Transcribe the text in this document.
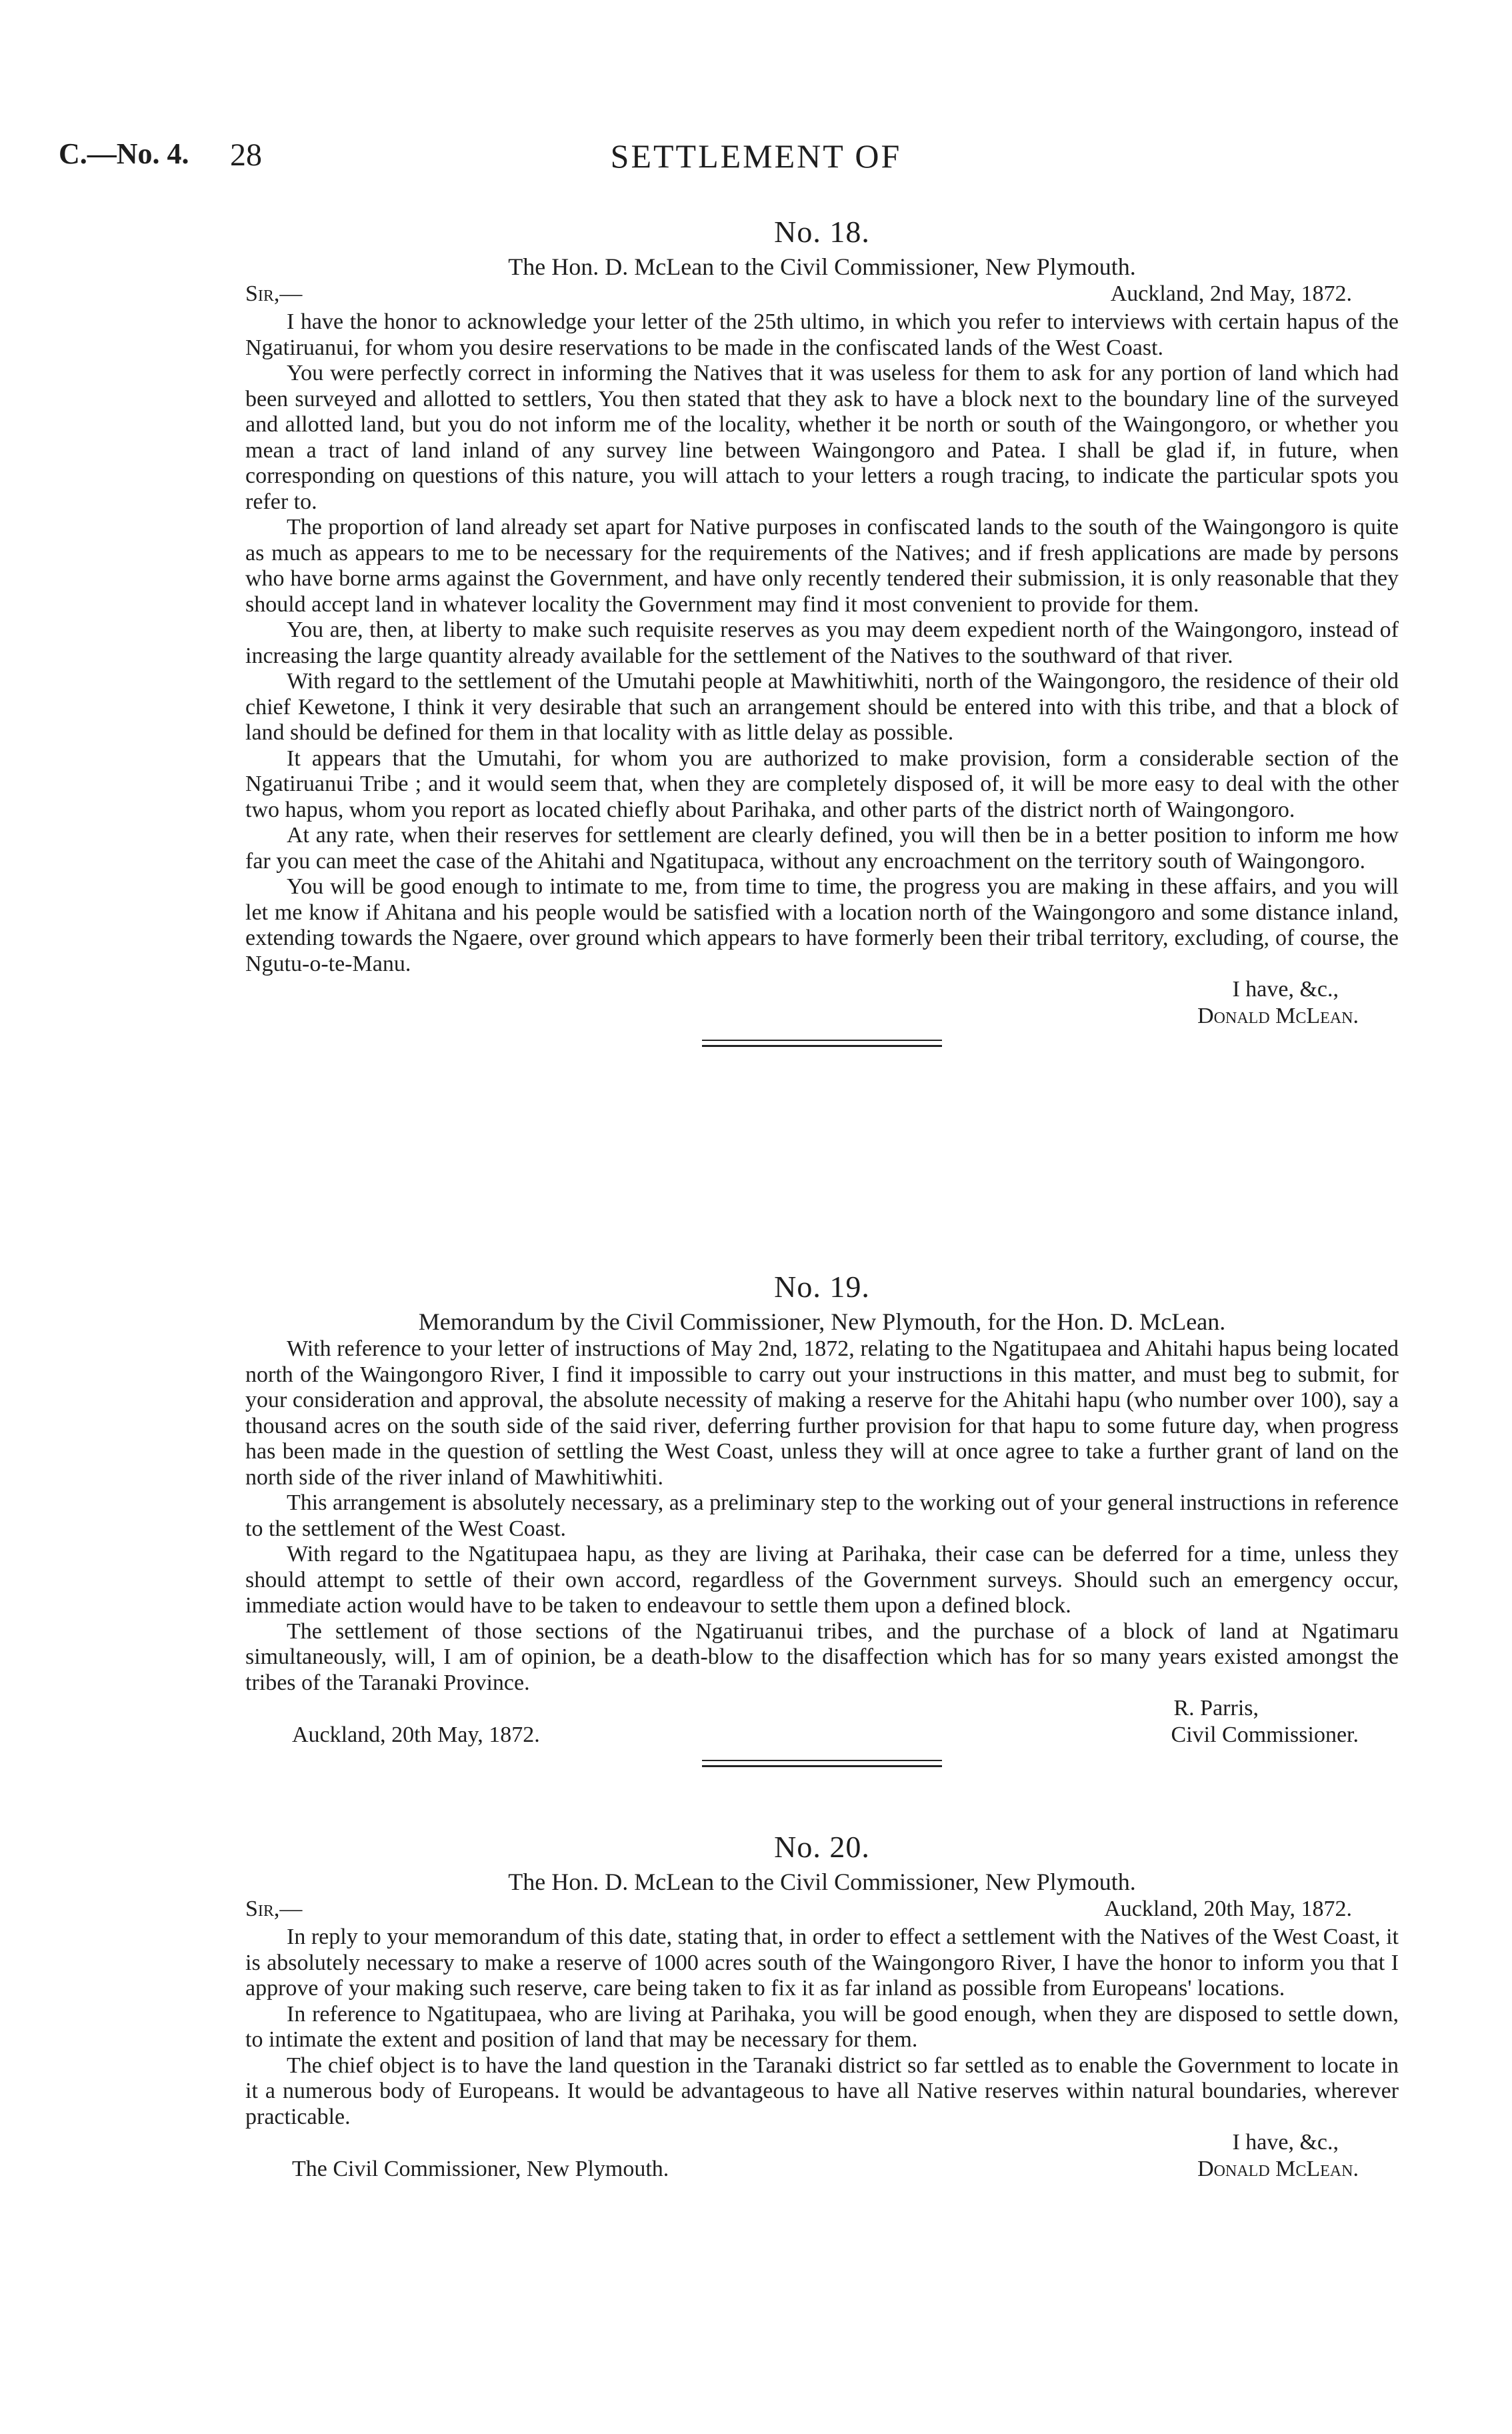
C.—No. 4. 28	SETTLEMENT OF
No. 18.
The Hon. D. McLean to the Civil Commissioner, New Plymouth.
Sir,—	Auckland, 2nd May, 1872.

I have the honor to acknowledge your letter of the 25th ultimo, in which you refer to interviews with certain hapus of the Ngatiruanui, for whom you desire reservations to be made in the confiscated lands of the West Coast.

You were perfectly correct in informing the Natives that it was useless for them to ask for any portion of land which had been surveyed and allotted to settlers, You then stated that they ask to have a block next to the boundary line of the surveyed and allotted land, but you do not inform me of the locality, whether it be north or south of the Waingongoro, or whether you mean a tract of land inland of any survey line between Waingongoro and Patea. I shall be glad if, in future, when corresponding on questions of this nature, you will attach to your letters a rough tracing, to indicate the particular spots you refer to.

The proportion of land already set apart for Native purposes in confiscated lands to the south of the Waingongoro is quite as much as appears to me to be necessary for the requirements of the Natives; and if fresh applications are made by persons who have borne arms against the Government, and have only recently tendered their submission, it is only reasonable that they should accept land in whatever locality the Government may find it most convenient to provide for them.

You are, then, at liberty to make such requisite reserves as you may deem expedient north of the Waingongoro, instead of increasing the large quantity already available for the settlement of the Natives to the southward of that river.

With regard to the settlement of the Umutahi people at Mawhitiwhiti, north of the Waingongoro, the residence of their old chief Kewetone, I think it very desirable that such an arrangement should be entered into with this tribe, and that a block of land should be defined for them in that locality with as little delay as possible.

It appears that the Umutahi, for whom you are authorized to make provision, form a considerable section of the Ngatiruanui Tribe ; and it would seem that, when they are completely disposed of, it will be more easy to deal with the other two hapus, whom you report as located chiefly about Parihaka, and other parts of the district north of Waingongoro.

At any rate, when their reserves for settlement are clearly defined, you will then be in a better position to inform me how far you can meet the case of the Ahitahi and Ngatitupaca, without any encroachment on the territory south of Waingongoro.

You will be good enough to intimate to me, from time to time, the progress you are making in these affairs, and you will let me know if Ahitana and his people would be satisfied with a location north of the Waingongoro and some distance inland, extending towards the Ngaere, over ground which appears to have formerly been their tribal territory, excluding, of course, the Ngutu-o-te-Manu.

I have, &c.,
Donald McLean.
No. 19.
Memorandum by the Civil Commissioner, New Plymouth, for the Hon. D. McLean.

With reference to your letter of instructions of May 2nd, 1872, relating to the Ngatitupaea and Ahitahi hapus being located north of the Waingongoro River, I find it impossible to carry out your instructions in this matter, and must beg to submit, for your consideration and approval, the absolute necessity of making a reserve for the Ahitahi hapu (who number over 100), say a thousand acres on the south side of the said river, deferring further provision for that hapu to some future day, when progress has been made in the question of settling the West Coast, unless they will at once agree to take a further grant of land on the north side of the river inland of Mawhitiwhiti.

This arrangement is absolutely necessary, as a preliminary step to the working out of your general instructions in reference to the settlement of the West Coast.

With regard to the Ngatitupaea hapu, as they are living at Parihaka, their case can be deferred for a time, unless they should attempt to settle of their own accord, regardless of the Government surveys. Should such an emergency occur, immediate action would have to be taken to endeavour to settle them upon a defined block.

The settlement of those sections of the Ngatiruanui tribes, and the purchase of a block of land at Ngatimaru simultaneously, will, I am of opinion, be a death-blow to the disaffection which has for so many years existed amongst the tribes of the Taranaki Province.

R. Parris,
Auckland, 20th May, 1872.	Civil Commissioner.
No. 20.
The Hon. D. McLean to the Civil Commissioner, New Plymouth.
Sir,—	Auckland, 20th May, 1872.

In reply to your memorandum of this date, stating that, in order to effect a settlement with the Natives of the West Coast, it is absolutely necessary to make a reserve of 1000 acres south of the Waingongoro River, I have the honor to inform you that I approve of your making such reserve, care being taken to fix it as far inland as possible from Europeans' locations.

In reference to Ngatitupaea, who are living at Parihaka, you will be good enough, when they are disposed to settle down, to intimate the extent and position of land that may be necessary for them.

The chief object is to have the land question in the Taranaki district so far settled as to enable the Government to locate in it a numerous body of Europeans. It would be advantageous to have all Native reserves within natural boundaries, wherever practicable.

I have, &c.,
The Civil Commissioner, New Plymouth.	Donald McLean.
